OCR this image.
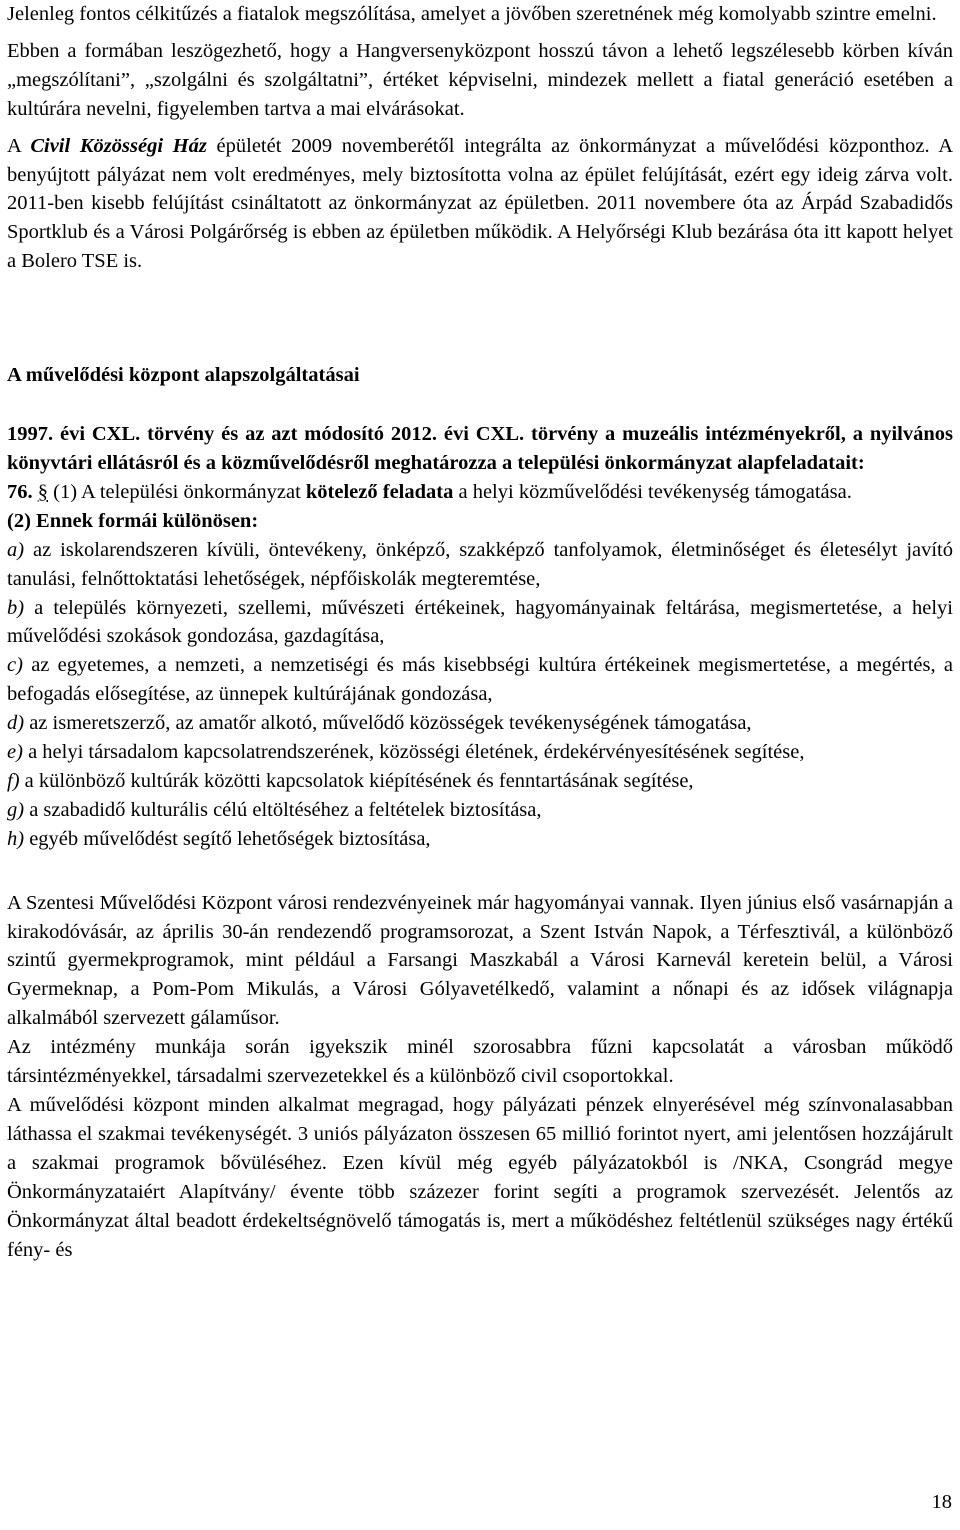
Jelenleg fontos célkitűzés a fiatalok megszólítása, amelyet a jövőben szeretnének még komolyabb szintre emelni.

Ebben a formában leszögezhető, hogy a Hangversenyközpont hosszú távon a lehető legszélesebb körben kíván „megszólítani”, „szolgálni és szolgáltatni”, értéket képviselni, mindezek mellett a fiatal generáció esetében a kultúrára nevelni, figyelemben tartva a mai elvárásokat.

A Civil Közösségi Ház épületét 2009 novemberétől integrálta az önkormányzat a művelődési központhoz. A benyújtott pályázat nem volt eredményes, mely biztosította volna az épület felújítását, ezért egy ideig zárva volt. 2011-ben kisebb felújítást csináltatott az önkormányzat az épületben. 2011 novembere óta az Árpád Szabadidős Sportklub és a Városi Polgárőrség is ebben az épületben működik. A Helyőrségi Klub bezárása óta itt kapott helyet a Bolero TSE is.

A művelődési központ alapszolgáltatásai

1997. évi CXL. törvény és az azt módosító 2012. évi CXL. törvény a muzeális intézményekről, a nyilvános könyvtári ellátásról és a közművelődésről meghatározza a települési önkormányzat alapfeladatait:

76. § (1) A települési önkormányzat kötelező feladata a helyi közművelődési tevékenység támogatása.

(2) Ennek formái különösen:

a) az iskolarendszeren kívüli, öntevékeny, önképző, szakképző tanfolyamok, életminőséget és életesélyt javító tanulási, felnőttoktatási lehetőségek, népfőiskolák megteremtése,

b) a település környezeti, szellemi, művészeti értékeinek, hagyományainak feltárása, megismertetése, a helyi művelődési szokások gondozása, gazdagítása,

c) az egyetemes, a nemzeti, a nemzetiségi és más kisebbségi kultúra értékeinek megismertetése, a megértés, a befogadás elősegítése, az ünnepek kultúrájának gondozása,

d) az ismeretszerző, az amatőr alkotó, művelődő közösségek tevékenységének támogatása,

e) a helyi társadalom kapcsolatrendszerének, közösségi életének, érdekérvényesítésének segítése,

f) a különböző kultúrák közötti kapcsolatok kiépítésének és fenntartásának segítése,

g) a szabadidő kulturális célú eltöltéséhez a feltételek biztosítása,

h) egyéb művelődést segítő lehetőségek biztosítása,

A Szentesi Művelődési Központ városi rendezvényeinek már hagyományai vannak. Ilyen június első vasárnapján a kirakodóvásár, az április 30-án rendezendő programsorozat, a Szent István Napok, a Térfesztivál, a különböző szintű gyermekprogramok, mint például a Farsangi Maszkabál a Városi Karnevál keretein belül, a Városi Gyermeknap, a Pom-Pom Mikulás, a Városi Gólyavetélkedő, valamint a nőnapi és az idősek világnapja alkalmából szervezett gálaműsor.

Az intézmény munkája során igyekszik minél szorosabbra fűzni kapcsolatát a városban működő társintézményekkel, társadalmi szervezetekkel és a különböző civil csoportokkal.

A művelődési központ minden alkalmat megragad, hogy pályázati pénzek elnyerésével még színvonalasabban láthassa el szakmai tevékenységét. 3 uniós pályázaton összesen 65 millió forintot nyert, ami jelentősen hozzájárult a szakmai programok bővüléséhez. Ezen kívül még egyéb pályázatokból is /NKA, Csongrád megye Önkormányzataiért Alapítvány/ évente több százezer forint segíti a programok szervezését. Jelentős az Önkormányzat által beadott érdekeltségnövelő támogatás is, mert a működéshez feltétlenül szükséges nagy értékű fény- és

18
